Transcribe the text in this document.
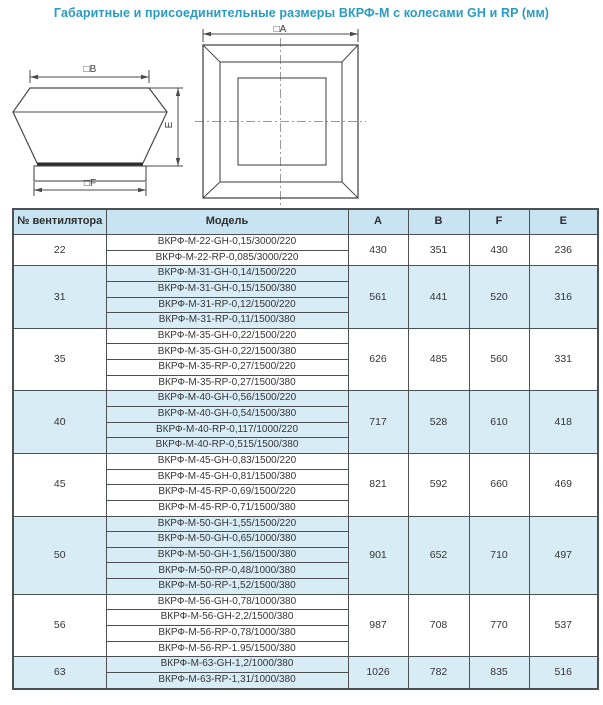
Габаритные и присоединительные размеры ВКРФ-М с колесами GH и RP (мм)
□B
□F
E
□A
№ вентилятора	Модель	A	B	F	E
22	ВКРФ-М-22-GH-0,15/3000/220	430	351	430	236
	ВКРФ-М-22-RP-0,085/3000/220				
31	ВКРФ-М-31-GH-0,14/1500/220	561	441	520	316
	ВКРФ-М-31-GH-0,15/1500/380				
	ВКРФ-М-31-RP-0,12/1500/220				
	ВКРФ-М-31-RP-0,11/1500/380				
35	ВКРФ-М-35-GH-0,22/1500/220	626	485	560	331
	ВКРФ-М-35-GH-0,22/1500/380				
	ВКРФ-М-35-RP-0,27/1500/220				
	ВКРФ-М-35-RP-0,27/1500/380				
40	ВКРФ-М-40-GH-0,56/1500/220	717	528	610	418
	ВКРФ-М-40-GH-0,54/1500/380				
	ВКРФ-М-40-RP-0,117/1000/220				
	ВКРФ-М-40-RP-0,515/1500/380				
45	ВКРФ-М-45-GH-0,83/1500/220	821	592	660	469
	ВКРФ-М-45-GH-0,81/1500/380				
	ВКРФ-М-45-RP-0,69/1500/220				
	ВКРФ-М-45-RP-0,71/1500/380				
50	ВКРФ-М-50-GH-1,55/1500/220	901	652	710	497
	ВКРФ-М-50-GH-0,65/1000/380				
	ВКРФ-М-50-GH-1,56/1500/380				
	ВКРФ-М-50-RP-0,48/1000/380				
	ВКРФ-М-50-RP-1,52/1500/380				
56	ВКРФ-М-56-GH-0,78/1000/380	987	708	770	537
	ВКРФ-М-56-GH-2,2/1500/380				
	ВКРФ-М-56-RP-0,78/1000/380				
	ВКРФ-М-56-RP-1.95/1500/380				
63	ВКРФ-М-63-GH-1,2/1000/380	1026	782	835	516
	ВКРФ-М-63-RP-1,31/1000/380				
